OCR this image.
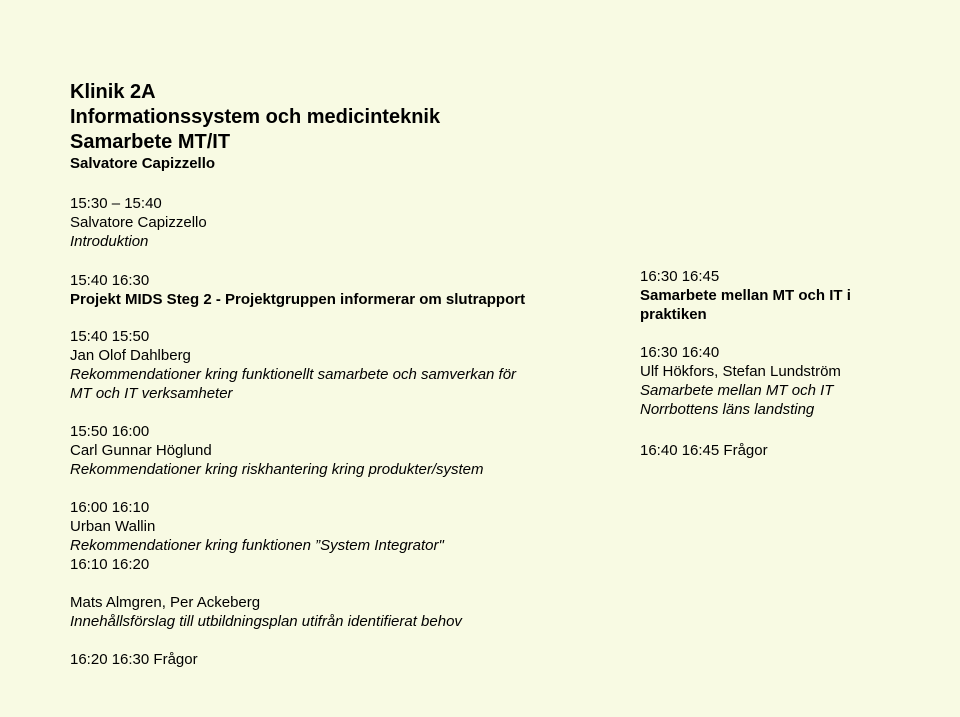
Klinik 2A
Informationssystem och medicinteknik
Samarbete MT/IT
Salvatore Capizzello
15:30 – 15:40
Salvatore Capizzello
Introduktion
15:40 16:30
Projekt MIDS Steg 2 - Projektgruppen informerar om slutrapport
15:40 15:50
Jan Olof Dahlberg
Rekommendationer kring funktionellt samarbete och samverkan för
MT och IT verksamheter
15:50 16:00
Carl Gunnar Höglund
Rekommendationer kring riskhantering kring produkter/system
16:00 16:10
Urban Wallin
Rekommendationer kring funktionen ”System Integrator"
16:10 16:20
Mats Almgren, Per Ackeberg
Innehållsförslag till utbildningsplan utifrån identifierat behov
16:20 16:30 Frågor
16:30 16:45
Samarbete mellan MT och IT i
praktiken
16:30 16:40
Ulf Hökfors, Stefan Lundström
Samarbete mellan MT och IT
Norrbottens läns landsting
16:40 16:45 Frågor
